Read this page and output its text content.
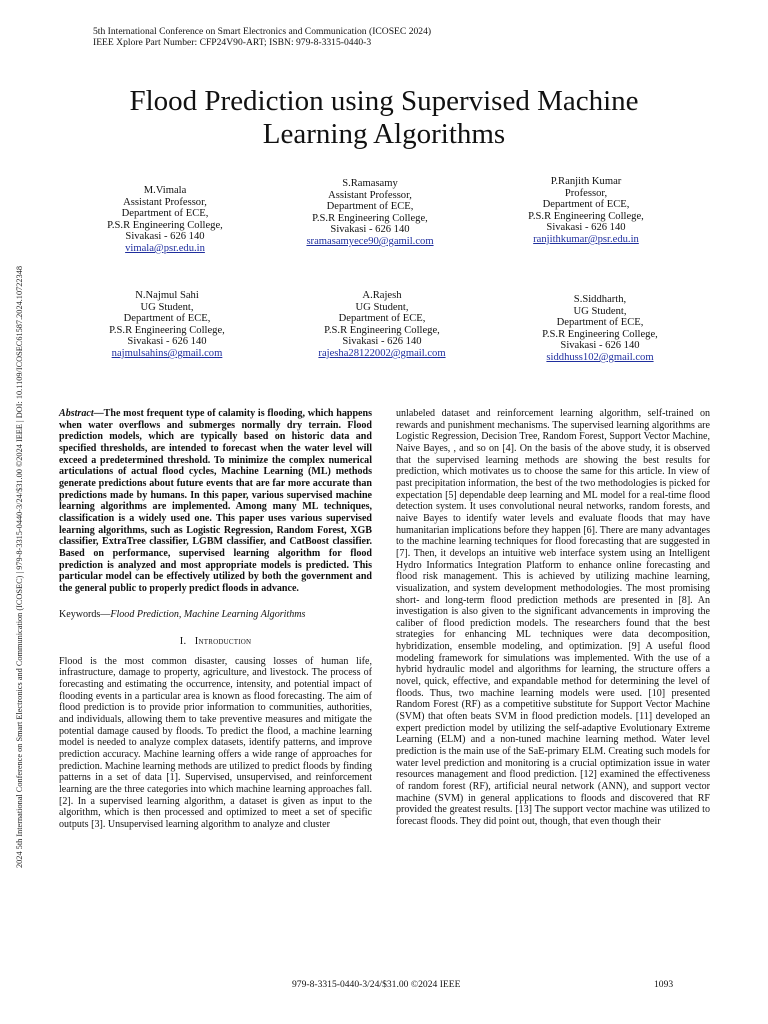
5th International Conference on Smart Electronics and Communication (ICOSEC 2024)
IEEE Xplore Part Number: CFP24V90-ART; ISBN: 979-8-3315-0440-3
Flood Prediction using Supervised Machine
Learning Algorithms
M.Vimala
Assistant Professor,
Department of ECE,
P.S.R Engineering College,
Sivakasi - 626 140
vimala@psr.edu.in
S.Ramasamy
Assistant Professor,
Department of ECE,
P.S.R Engineering College,
Sivakasi - 626 140
sramasamyece90@gamil.com
P.Ranjith Kumar
Professor,
Department of ECE,
P.S.R Engineering College,
Sivakasi - 626 140
ranjithkumar@psr.edu.in
N.Najmul Sahi
UG Student,
Department of ECE,
P.S.R Engineering College,
Sivakasi - 626 140
najmulsahins@gmail.com
A.Rajesh
UG Student,
Department of ECE,
P.S.R Engineering College,
Sivakasi - 626 140
rajesha28122002@gmail.com
S.Siddharth,
UG Student,
Department of ECE,
P.S.R Engineering College,
Sivakasi - 626 140
siddhuss102@gmail.com
2024 5th International Conference on Smart Electronics and Communication (ICOSEC) | 979-8-3315-0440-3/24/$31.00 ©2024 IEEE | DOI: 10.1109/ICOSEC61587.2024.10722348	Abstract—The most frequent type of calamity is flooding, which happens when water overflows and submerges normally dry terrain. Flood prediction models, which are typically based on historic data and specified thresholds, are intended to forecast when the water level will exceed a predetermined threshold. To minimize the complex numerical articulations of actual flood cycles, Machine Learning (ML) methods generate predictions about future events that are far more accurate than predictions made by humans. In this paper, various supervised machine learning algorithms are implemented. Among many ML techniques, classification is a widely used one. This paper uses various supervised learning algorithms, such as Logistic Regression, Random Forest, XGB classifier, ExtraTree classifier, LGBM classifier, and CatBoost classifier. Based on performance, supervised learning algorithm for flood prediction is analyzed and most appropriate models is predicted. This particular model can be effectively utilized by both the government and the general public to properly predict floods in advance.

Keywords—Flood Prediction, Machine Learning Algorithms

I. Introduction

Flood is the most common disaster, causing losses of human life, infrastructure, damage to property, agriculture, and livestock. The process of forecasting and estimating the occurrence, intensity, and potential impact of flooding events in a particular area is known as flood forecasting. The aim of flood prediction is to provide prior information to communities, authorities, and individuals, allowing them to take preventive measures and mitigate the potential damage caused by floods. To predict the flood, a machine learning model is needed to analyze complex datasets, identify patterns, and improve prediction accuracy. Machine learning offers a wide range of approaches for prediction. Machine learning methods are utilized to predict floods by finding patterns in a set of data [1]. Supervised, unsupervised, and reinforcement learning are the three categories into which machine learning approaches fall. [2]. In a supervised learning algorithm, a dataset is given as input to the algorithm, which is then processed and optimized to meet a set of specific outputs [3]. Unsupervised learning algorithm to analyze and cluster

unlabeled dataset and reinforcement learning algorithm, self-trained on rewards and punishment mechanisms. The supervised learning algorithms are Logistic Regression, Decision Tree, Random Forest, Support Vector Machine, Naive Bayes, , and so on [4]. On the basis of the above study, it is observed that the supervised learning methods are showing the best results for prediction, which motivates us to choose the same for this article. In view of past precipitation information, the best of the two methodologies is picked for expectation [5] dependable deep learning and ML model for a real-time flood detection system. It uses convolutional neural networks, random forests, and naive Bayes to identify water levels and evaluate floods that may have humanitarian implications before they happen [6]. There are many advantages to the machine learning techniques for flood forecasting that are suggested in [7]. Then, it develops an intuitive web interface system using an Intelligent Hydro Informatics Integration Platform to enhance online forecasting and flood risk management. This is achieved by utilizing machine learning, visualization, and system development methodologies. The most promising short- and long-term flood prediction methods are presented in [8]. An investigation is also given to the significant advancements in improving the caliber of flood prediction models. The researchers found that the best strategies for enhancing ML techniques were data decomposition, hybridization, ensemble modeling, and optimization. [9] A useful flood modeling framework for simulations was implemented. With the use of a hybrid hydraulic model and algorithms for learning, the structure offers a novel, quick, effective, and expandable method for determining the level of floods. Thus, two machine learning models were used. [10] presented Random Forest (RF) as a competitive substitute for Support Vector Machine (SVM) that often beats SVM in flood prediction models. [11] developed an expert prediction model by utilizing the self-adaptive Evolutionary Extreme Learning (ELM) and a non-tuned machine learning method. Water level prediction is the main use of the SaE-primary ELM. Creating such models for water level prediction and monitoring is a crucial optimization issue in water resources management and flood prediction. [12] examined the effectiveness of random forest (RF), artificial neural network (ANN), and support vector machine (SVM) in general applications to floods and discovered that RF provided the greatest results. [13] The support vector machine was utilized to forecast floods. They did point out, though, that even though their

979-8-3315-0440-3/24/$31.00 ©2024 IEEE	1093
